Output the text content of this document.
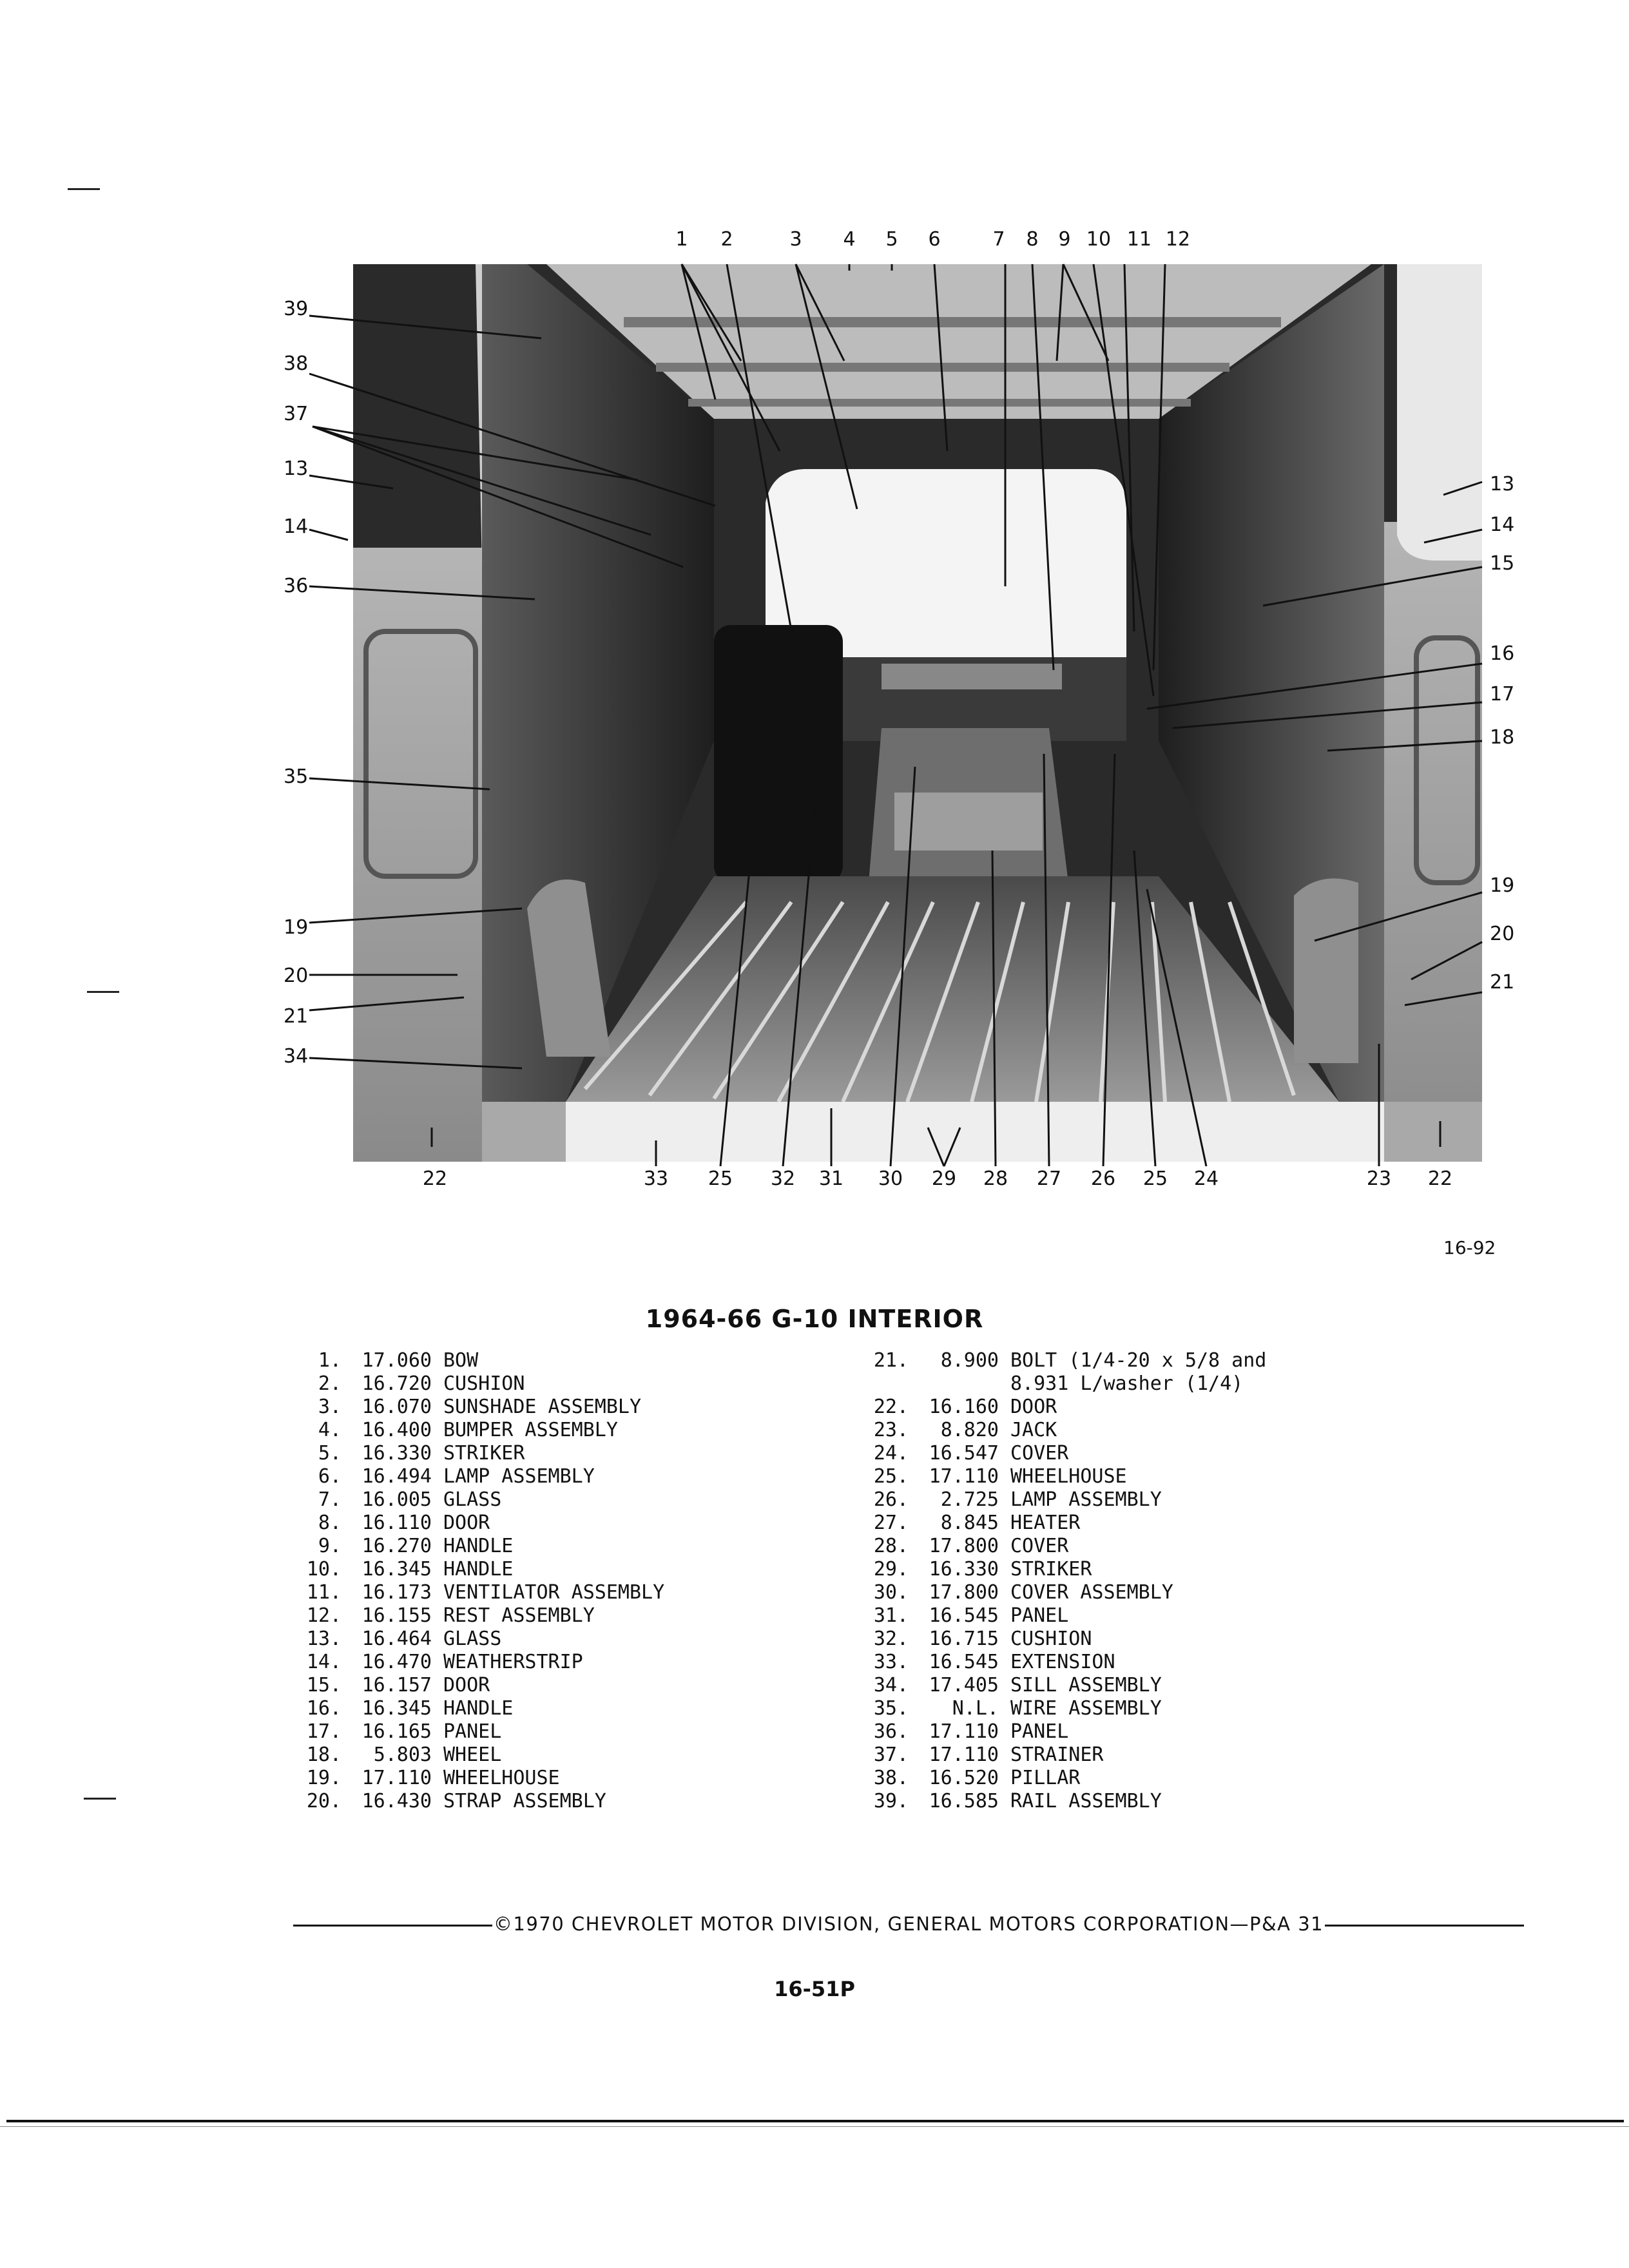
1 2	3 4 5 6	7 8 9 10 11 12
39
38
37
13
14
36
35
19
20
21
34
13
14
15
16
17
18
19
20
21
22	33 25 32 31 30 29 28 27 26 25 24	23 22
16-92
1964-66 G-10 INTERIOR
1.	17.060 BOW
2.	16.720 CUSHION
3.	16.070 SUNSHADE ASSEMBLY
4.	16.400 BUMPER ASSEMBLY
5.	16.330 STRIKER
6.	16.494 LAMP ASSEMBLY
7.	16.005 GLASS
8.	16.110 DOOR
9.	16.270 HANDLE
10.	16.345 HANDLE
11.	16.173 VENTILATOR ASSEMBLY
12.	16.155 REST ASSEMBLY
13.	16.464 GLASS
14.	16.470 WEATHERSTRIP
15.	16.157 DOOR
16.	16.345 HANDLE
17.	16.165 PANEL
18.	5.803 WHEEL
19.	17.110 WHEELHOUSE
20.	16.430 STRAP ASSEMBLY
21.	8.900 BOLT (1/4-20 x 5/8 and
8.931 L/washer (1/4)
22.	16.160 DOOR
23.	8.820 JACK
24.	16.547 COVER
25.	17.110 WHEELHOUSE
26.	2.725 LAMP ASSEMBLY
27.	8.845 HEATER
28.	17.800 COVER
29.	16.330 STRIKER
30.	17.800 COVER ASSEMBLY
31.	16.545 PANEL
32.	16.715 CUSHION
33.	16.545 EXTENSION
34.	17.405 SILL ASSEMBLY
35.	N.L. WIRE ASSEMBLY
36.	17.110 PANEL
37.	17.110 STRAINER
38.	16.520 PILLAR
39.	16.585 RAIL ASSEMBLY
©1970 CHEVROLET MOTOR DIVISION, GENERAL MOTORS CORPORATION—P&A 31
16-51P
